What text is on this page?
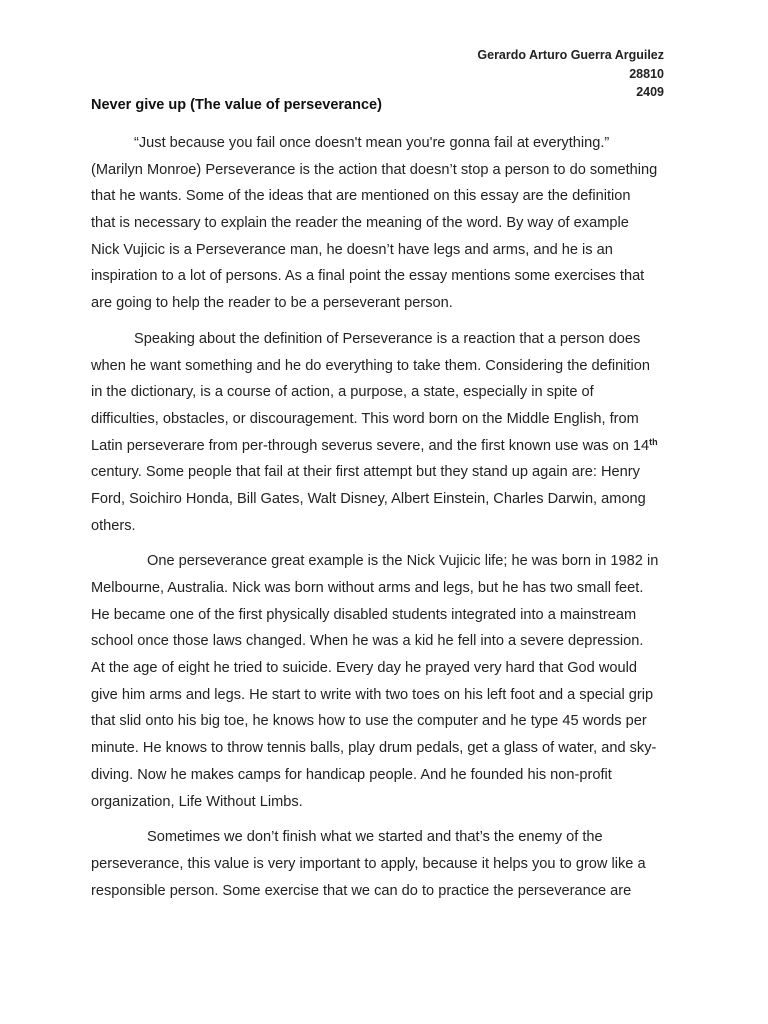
Gerardo Arturo Guerra Arguilez
28810
2409
Never give up (The value of perseverance)
“Just because you fail once doesn't mean you're gonna fail at everything.”
(Marilyn Monroe) Perseverance is the action that doesn’t stop a person to do something
that he wants. Some of the ideas that are mentioned on this essay are the definition
that is necessary to explain the reader the meaning of the word. By way of example
Nick Vujicic is a Perseverance man, he doesn’t have legs and arms, and he is an
inspiration to a lot of persons. As a final point the essay mentions some exercises that
are going to help the reader to be a perseverant person.
Speaking about the definition of Perseverance is a reaction that a person does
when he want something and he do everything to take them. Considering the definition
in the dictionary, is a course of action, a purpose, a state, especially in spite of
difficulties, obstacles, or discouragement. This word born on the Middle English, from
Latin perseverare from per-through severus severe, and the first known use was on 14th
century. Some people that fail at their first attempt but they stand up again are: Henry
Ford, Soichiro Honda, Bill Gates, Walt Disney, Albert Einstein, Charles Darwin, among
others.
One perseverance great example is the Nick Vujicic life; he was born in 1982 in
Melbourne, Australia. Nick was born without arms and legs, but he has two small feet.
He became one of the first physically disabled students integrated into a mainstream
school once those laws changed. When he was a kid he fell into a severe depression.
At the age of eight he tried to suicide. Every day he prayed very hard that God would
give him arms and legs. He start to write with two toes on his left foot and a special grip
that slid onto his big toe, he knows how to use the computer and he type 45 words per
minute. He knows to throw tennis balls, play drum pedals, get a glass of water, and sky-
diving. Now he makes camps for handicap people. And he founded his non-profit
organization, Life Without Limbs.
Sometimes we don’t finish what we started and that’s the enemy of the
perseverance, this value is very important to apply, because it helps you to grow like a
responsible person. Some exercise that we can do to practice the perseverance are
